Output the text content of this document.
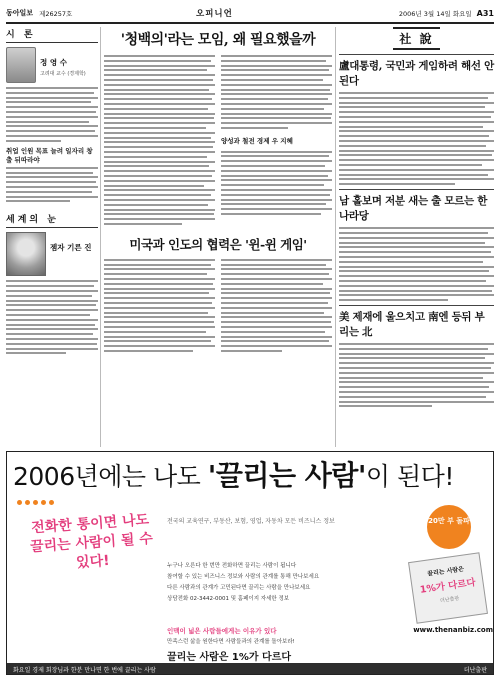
동아일보 제26257호	오피니언	2006년 3월 14일 화요일 A31
시 론
정 영 수
고려대 교수 (경제학)
취업 인원 목표 늘려 일자리 창출 뒤따라야
세계의 눈
젬자 기른 진
'청백의'라는 모임, 왜 필요했을까
양성과 철전 경제 우 지혜
미국과 인도의 협력은 '윈-윈 게임'
社 說
盧대통령, 국민과 게임하려 해선 안 된다
남 홀보며 저분 새는 출 모르는 한나라당
美 제재에 울으치고 南엔 등뒤 부리는 北
2006년에는 나도 '끌리는 사람'이 된다!
전화한 통이면 나도 끌리는 사람이 될 수 있다!
전국의 교육연구, 부동산, 보험, 영업, 자동차 모든 비즈니스 정보
누구나 오른다 한 번만 전화하면 끌리는 사람이 됩니다
참여할 수 있는 비즈니스 정보와 사람의 관계를 통해 만나보세요
다른 사람과의 관계가 고민된다면 끌리는 사람을 만나보세요
상담전화 02-3442-0001 및 홈페이지 자세한 정보
20만 부 돌파
끌리는 사람은
1%가 다르다
더난출판
인맥이 넓은 사람들에게는 이유가 있다
만족스런 삶을 원한다면 사람들과의 관계를 돌아보라!
끌리는 사람은 1%가 다르다
www.thenanbiz.com
화요일 경제 회장님과 한분 만나면 한 번에 끌리는 사람	더난출판
